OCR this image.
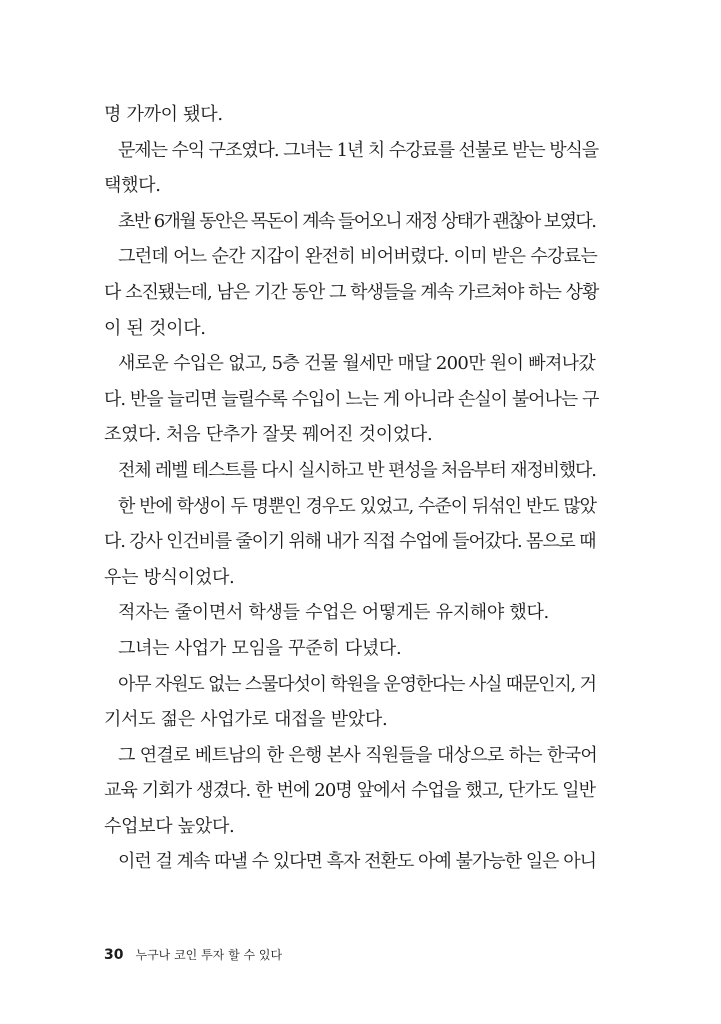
명 가까이 됐다.
문제는 수익 구조였다. 그녀는 1년 치 수강료를 선불로 받는 방식을
택했다.
초반 6개월 동안은 목돈이 계속 들어오니 재정 상태가 괜찮아 보였다.
그런데 어느 순간 지갑이 완전히 비어버렸다. 이미 받은 수강료는
다 소진됐는데, 남은 기간 동안 그 학생들을 계속 가르쳐야 하는 상황
이 된 것이다.
새로운 수입은 없고, 5층 건물 월세만 매달 200만 원이 빠져나갔
다. 반을 늘리면 늘릴수록 수입이 느는 게 아니라 손실이 불어나는 구
조였다. 처음 단추가 잘못 꿰어진 것이었다.
전체 레벨 테스트를 다시 실시하고 반 편성을 처음부터 재정비했다.
한 반에 학생이 두 명뿐인 경우도 있었고, 수준이 뒤섞인 반도 많았
다. 강사 인건비를 줄이기 위해 내가 직접 수업에 들어갔다. 몸으로 때
우는 방식이었다.
적자는 줄이면서 학생들 수업은 어떻게든 유지해야 했다.
그녀는 사업가 모임을 꾸준히 다녔다.
아무 자원도 없는 스물다섯이 학원을 운영한다는 사실 때문인지, 거
기서도 젊은 사업가로 대접을 받았다.
그 연결로 베트남의 한 은행 본사 직원들을 대상으로 하는 한국어
교육 기회가 생겼다. 한 번에 20명 앞에서 수업을 했고, 단가도 일반
수업보다 높았다.
이런 걸 계속 따낼 수 있다면 흑자 전환도 아예 불가능한 일은 아니
30 누구나 코인 투자 할 수 있다
